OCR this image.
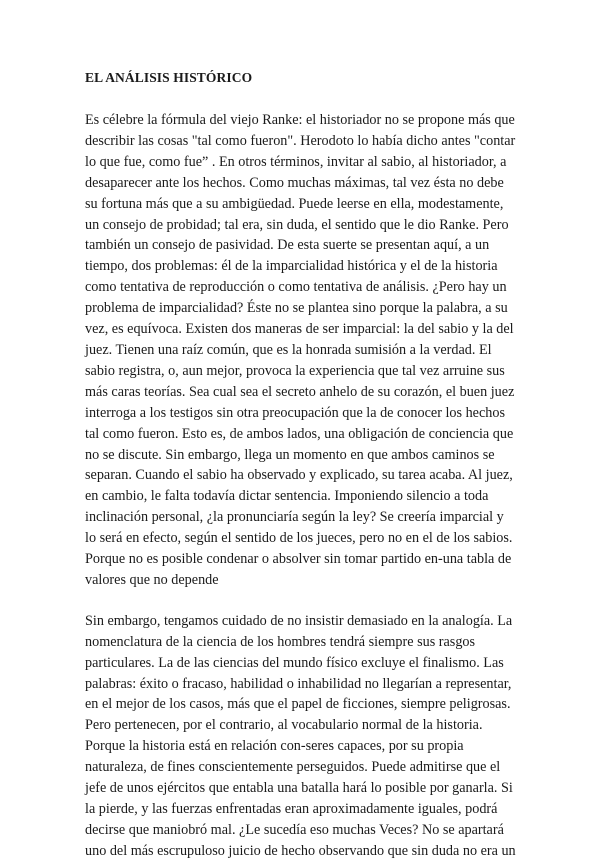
EL ANÁLISIS HISTÓRICO

Es célebre la fórmula del viejo Ranke: el historiador no se propone más que describir las cosas "tal como fueron". Herodoto lo había dicho antes "contar lo que fue, como fue” . En otros términos, invitar al sabio, al historiador, a desaparecer ante los hechos. Como muchas máximas, tal vez ésta no debe su fortuna más que a su ambigüedad. Puede leerse en ella, modestamente, un consejo de probidad; tal era, sin duda, el sentido que le dio Ranke. Pero también un consejo de pasividad. De esta suerte se presentan aquí, a un tiempo, dos problemas: él de la imparcialidad histórica y el de la historia como tentativa de reproducción o como tentativa de análisis. ¿Pero hay un problema de imparcialidad? Éste no se plantea sino porque la palabra, a su vez, es equívoca. Existen dos maneras de ser imparcial: la del sabio y la del juez. Tienen una raíz común, que es la honrada sumisión a la verdad. El sabio registra, o, aun mejor, provoca la experiencia que tal vez arruine sus más caras teorías. Sea cual sea el secreto anhelo de su corazón, el buen juez interroga a los testigos sin otra preocupación que la de conocer los hechos tal como fueron. Esto es, de ambos lados, una obligación de conciencia que no se discute. Sin embargo, llega un momento en que ambos caminos se separan. Cuando el sabio ha observado y explicado, su tarea acaba. Al juez, en cambio, le falta todavía dictar sentencia. Imponiendo silencio a toda inclinación personal, ¿la pronunciaría según la ley? Se creería imparcial y lo será en efecto, según el sentido de los jueces, pero no en el de los sabios. Porque no es posible condenar o absolver sin tomar partido en-una tabla de valores que no depende

Sin embargo, tengamos cuidado de no insistir demasiado en la analogía. La nomenclatura de la ciencia de los hombres tendrá siempre sus rasgos particulares. La de las ciencias del mundo físico excluye el finalismo. Las palabras: éxito o fracaso, habilidad o inhabilidad no llegarían a representar, en el mejor de los casos, más que el papel de ficciones, siempre peligrosas. Pero pertenecen, por el contrario, al vocabulario normal de la historia. Porque la historia está en relación con-seres capaces, por su propia naturaleza, de fines conscientemente perseguidos. Puede admitirse que el jefe de unos ejércitos que entabla una batalla hará lo posible por ganarla. Si la pierde, y las fuerzas enfrentadas eran aproximadamente iguales, podrá decirse que maniobró mal. ¿Le sucedía eso muchas Veces? No se apartará uno del más escrupuloso juicio de hecho observando que sin duda no era un
